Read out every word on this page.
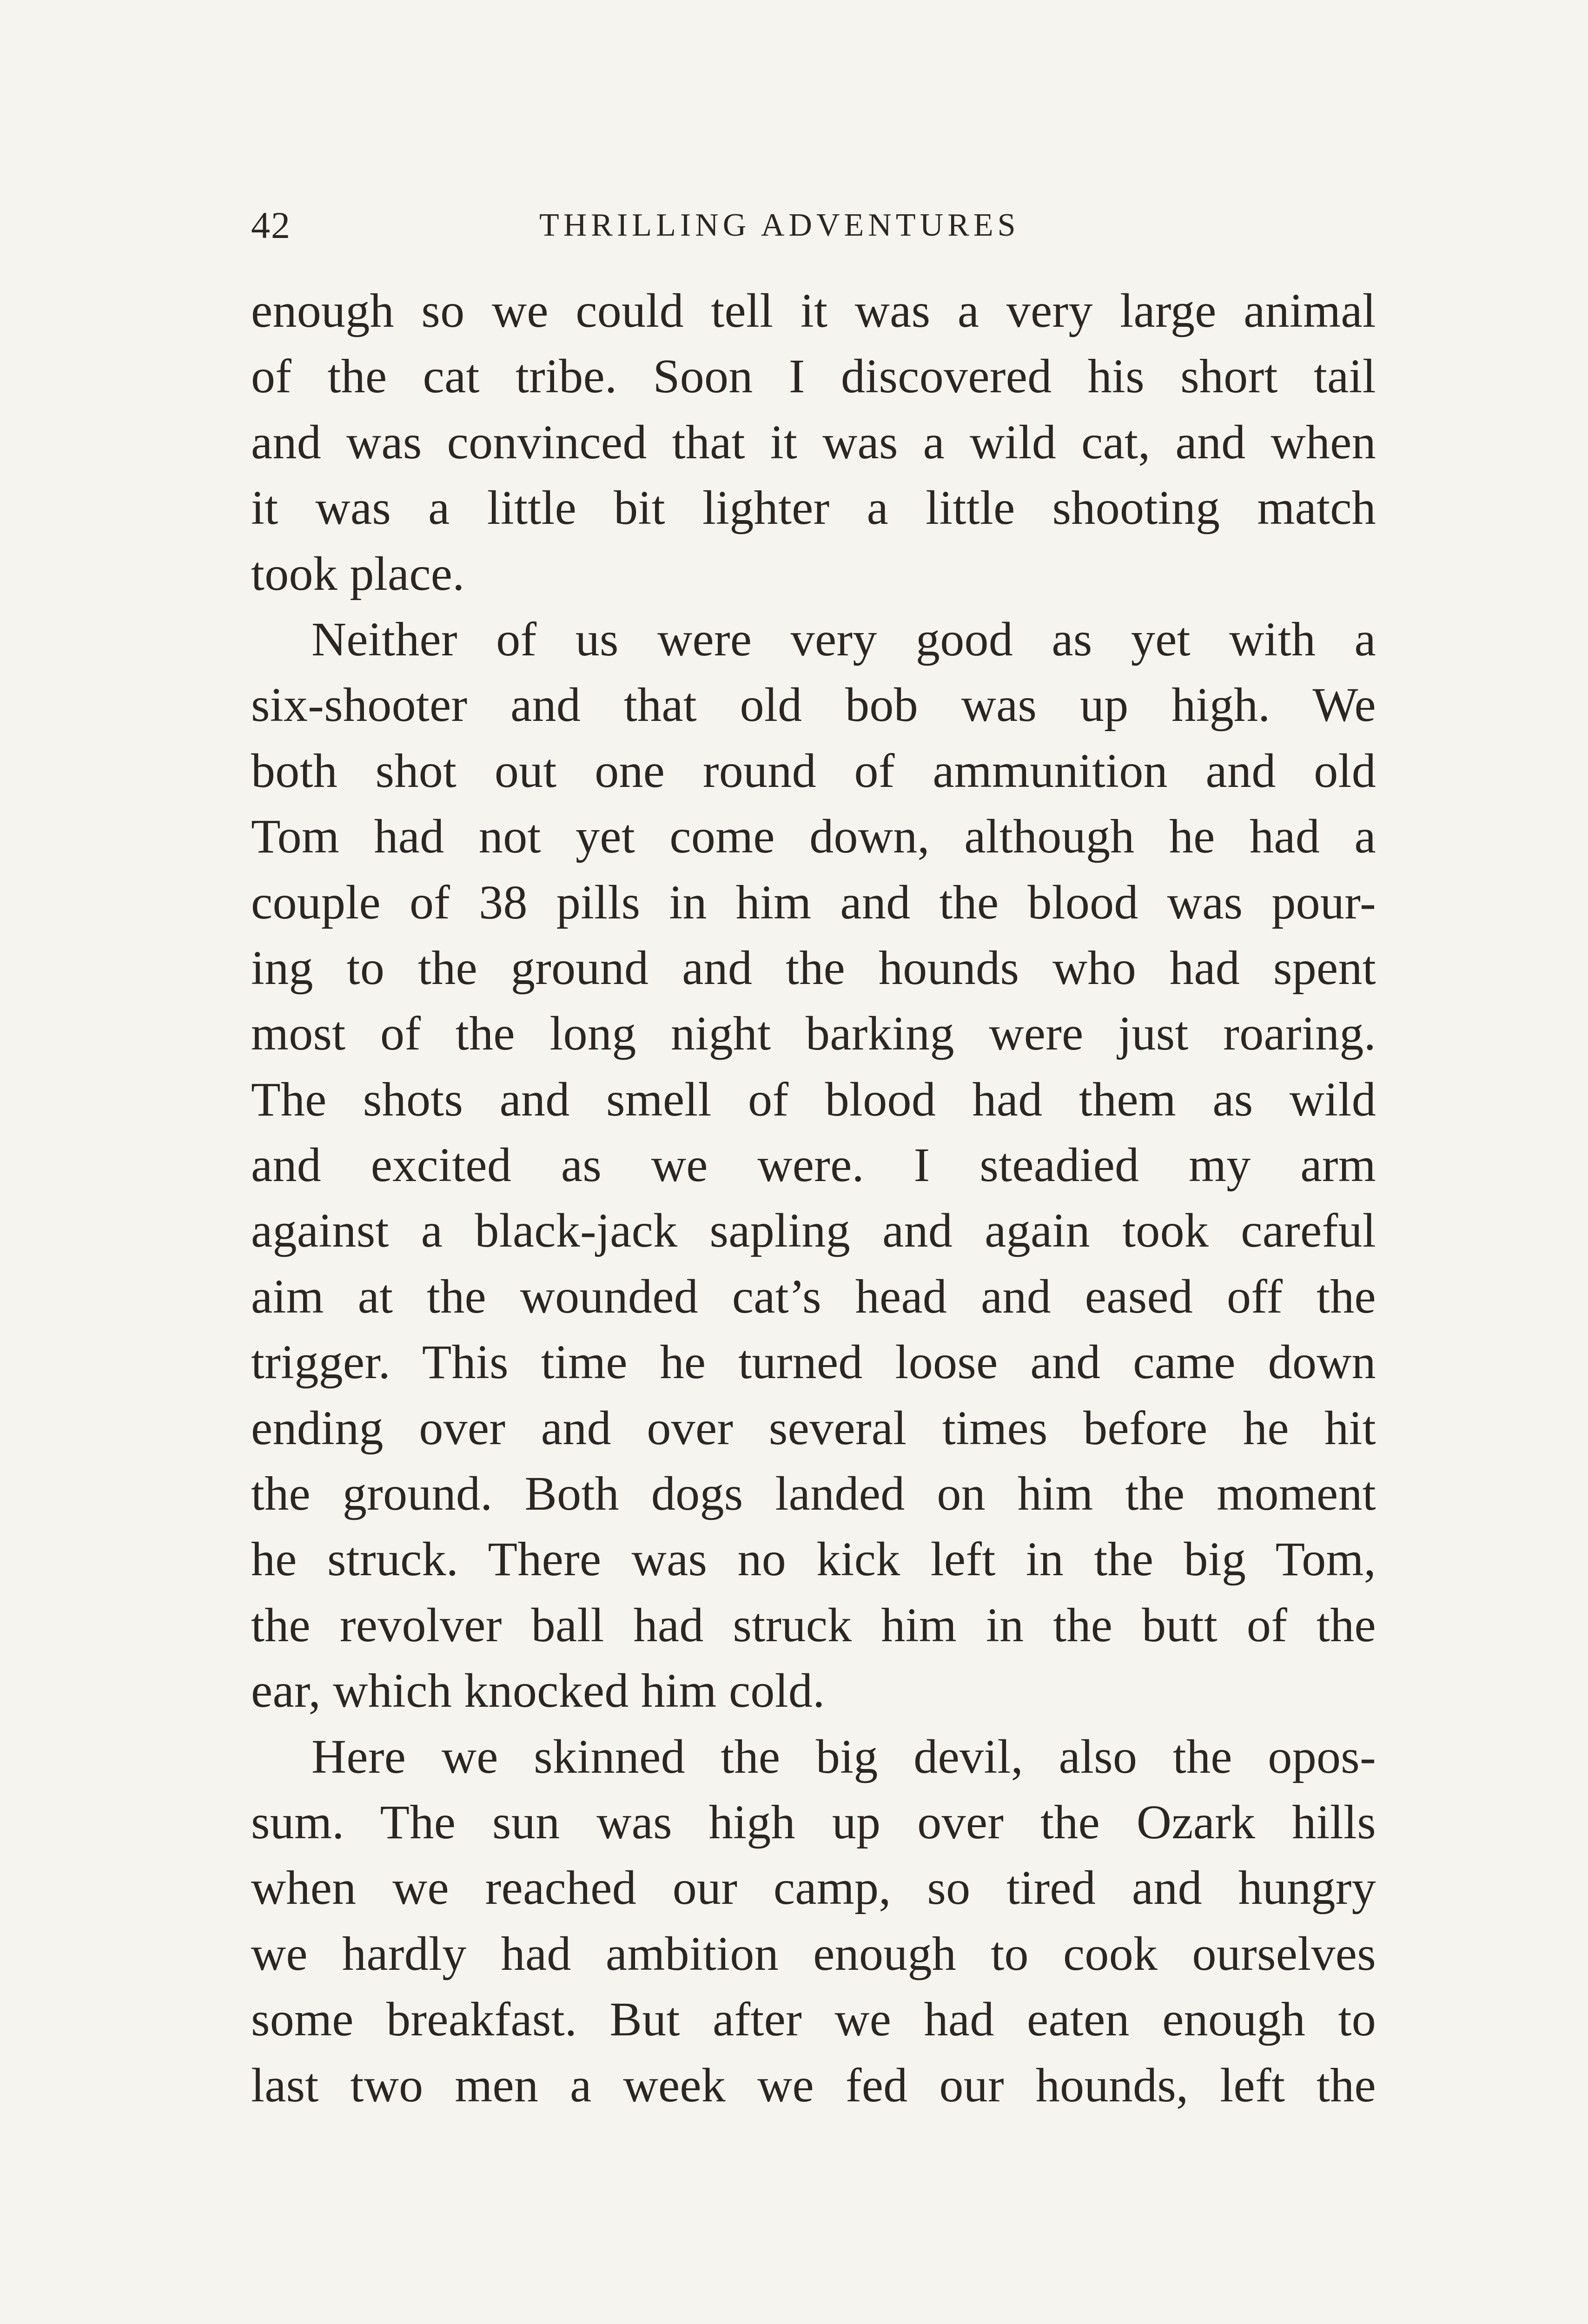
42	THRILLING ADVENTURES
enough so we could tell it was a very large animal
of the cat tribe. Soon I discovered his short tail
and was convinced that it was a wild cat, and when
it was a little bit lighter a little shooting match
took place.
Neither of us were very good as yet with a
six-shooter and that old bob was up high. We
both shot out one round of ammunition and old
Tom had not yet come down, although he had a
couple of 38 pills in him and the blood was pour-
ing to the ground and the hounds who had spent
most of the long night barking were just roaring.
The shots and smell of blood had them as wild
and excited as we were. I steadied my arm
against a black-jack sapling and again took careful
aim at the wounded cat’s head and eased off the
trigger. This time he turned loose and came down
ending over and over several times before he hit
the ground. Both dogs landed on him the moment
he struck. There was no kick left in the big Tom,
the revolver ball had struck him in the butt of the
ear, which knocked him cold.
Here we skinned the big devil, also the opos-
sum. The sun was high up over the Ozark hills
when we reached our camp, so tired and hungry
we hardly had ambition enough to cook ourselves
some breakfast. But after we had eaten enough to
last two men a week we fed our hounds, left the
